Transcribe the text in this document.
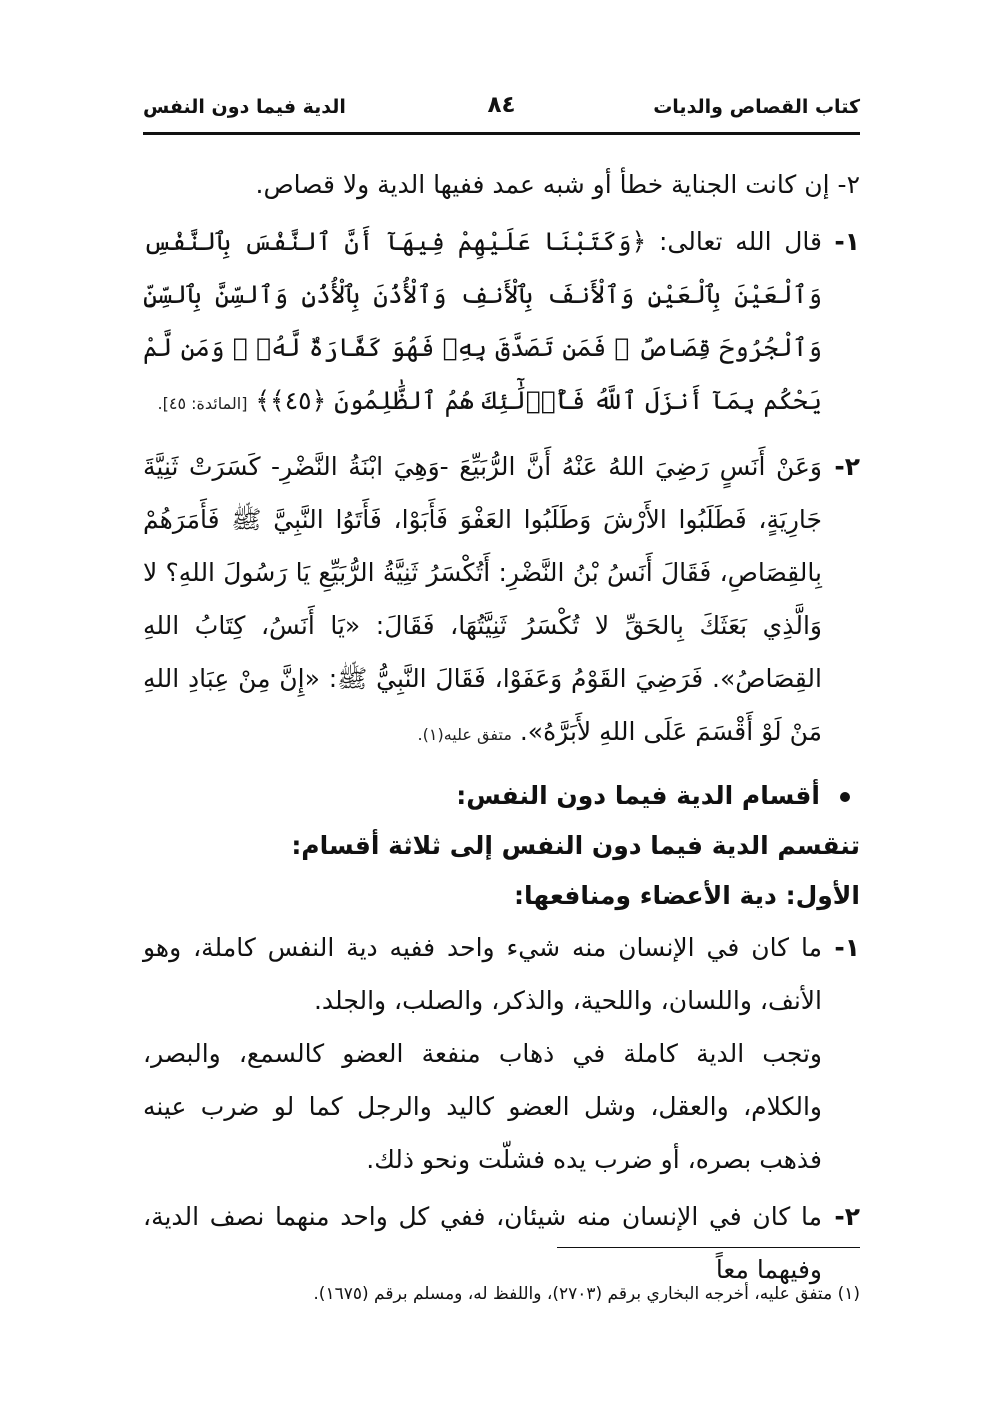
كتاب القصاص والديات
٨٤
الدية فيما دون النفس

٢- إن كانت الجناية خطأ أو شبه عمد ففيها الدية ولا قصاص.

١-
قال الله تعالى: ﴿وَكَتَبْنَا عَلَيْهِمْ فِيهَآ أَنَّ ٱلنَّفْسَ بِٱلنَّفْسِ وَٱلْعَيْنَ بِٱلْعَيْنِ وَٱلْأَنفَ بِٱلْأَنفِ وَٱلْأُذُنَ بِٱلْأُذُنِ وَٱلسِّنَّ بِٱلسِّنِّ وَٱلْجُرُوحَ قِصَاصٌ ۚ فَمَن تَصَدَّقَ بِهِۦ فَهُوَ كَفَّارَةٌ لَّهُۥ ۚ وَمَن لَّمْ يَحْكُم بِمَآ أَنزَلَ ٱللَّهُ فَأُو۟لَٰٓئِكَ هُمُ ٱلظَّٰلِمُونَ ﴿٤٥﴾﴾ [المائدة: ٤٥].
٢-
وَعَنْ أَنَسٍ رَضِيَ اللهُ عَنْهُ أَنَّ الرُّبَيِّعَ -وَهِيَ ابْنَةُ النَّضْرِ- كَسَرَتْ ثَنِيَّةَ جَارِيَةٍ، فَطَلَبُوا الأَرْشَ وَطَلَبُوا العَفْوَ فَأَبَوْا، فَأَتَوُا النَّبِيَّ ﷺ فَأَمَرَهُمْ بِالقِصَاصِ، فَقَالَ أَنَسُ بْنُ النَّضْرِ: أَتُكْسَرُ ثَنِيَّةُ الرُّبَيِّعِ يَا رَسُولَ اللهِ؟ لا وَالَّذِي بَعَثَكَ بِالحَقِّ لا تُكْسَرُ ثَنِيَّتُهَا، فَقَالَ: «يَا أَنَسُ، كِتَابُ اللهِ القِصَاصُ». فَرَضِيَ القَوْمُ وَعَفَوْا، فَقَالَ النَّبِيُّ ﷺ: «إِنَّ مِنْ عِبَادِ اللهِ مَنْ لَوْ أَقْسَمَ عَلَى اللهِ لأَبَرَّهُ». متفق عليه(١).

أقسام الدية فيما دون النفس:

تنقسم الدية فيما دون النفس إلى ثلاثة أقسام:

الأول: دية الأعضاء ومنافعها:

١-
ما كان في الإنسان منه شيء واحد ففيه دية النفس كاملة، وهو الأنف، واللسان، واللحية، والذكر، والصلب، والجلد.
وتجب الدية كاملة في ذهاب منفعة العضو كالسمع، والبصر، والكلام، والعقل، وشل العضو كاليد والرجل كما لو ضرب عينه فذهب بصره، أو ضرب يده فشلّت ونحو ذلك.
٢-
ما كان في الإنسان منه شيئان، ففي كل واحد منهما نصف الدية، وفيهما معاً
(١) متفق عليه، أخرجه البخاري برقم (٢٧٠٣)، واللفظ له، ومسلم برقم (١٦٧٥).
